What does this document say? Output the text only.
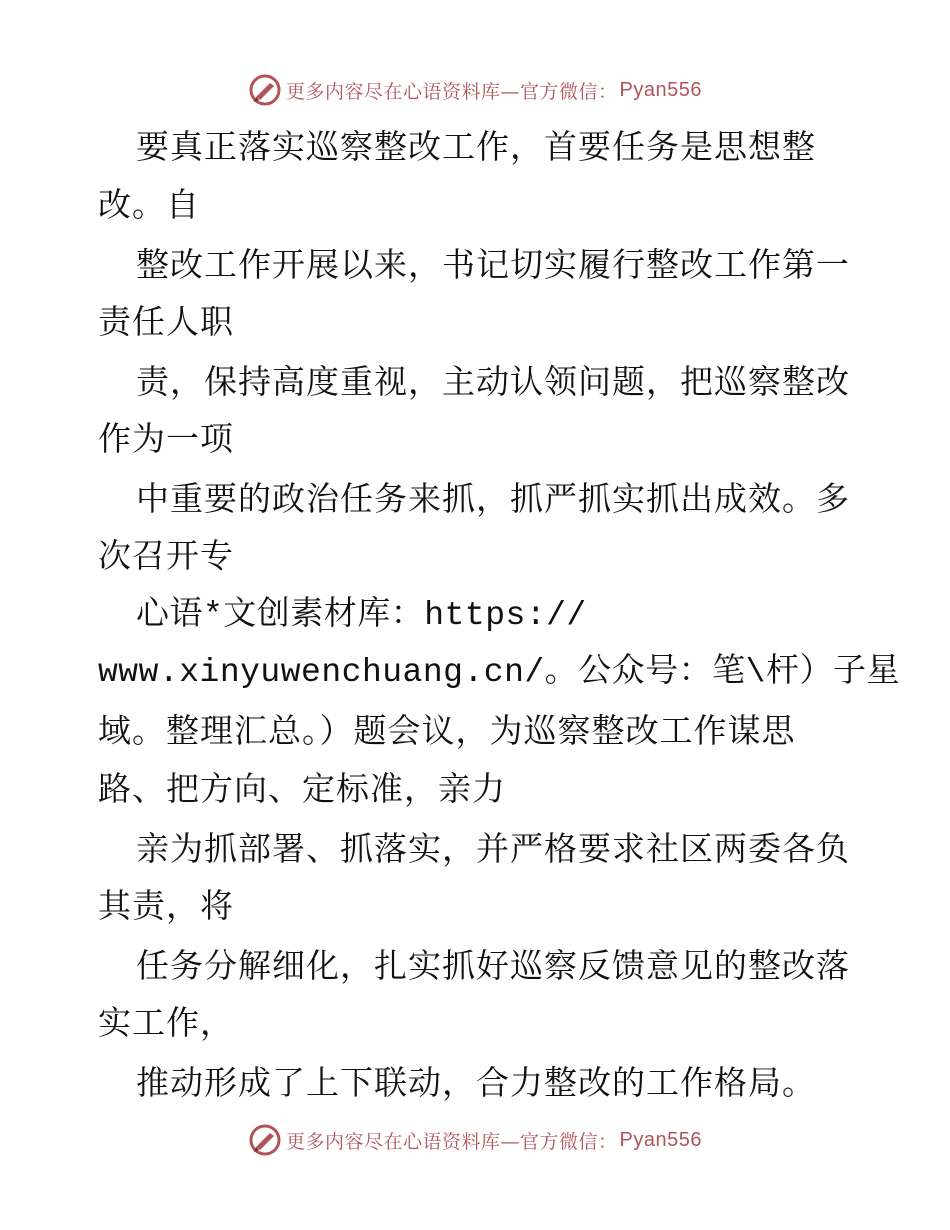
更多内容尽在心语资料库—官方微信： Pyan556
要真正落实巡察整改工作，首要任务是思想整
改。自
整改工作开展以来，书记切实履行整改工作第一
责任人职
责，保持高度重视，主动认领问题，把巡察整改
作为一项
中重要的政治任务来抓，抓严抓实抓出成效。多
次召开专
心语*文创素材库：https://
www.xinyuwenchuang.cn/。公众号：笔\杆）子星
域。整理汇总。）题会议，为巡察整改工作谋思
路、把方向、定标准，亲力
亲为抓部署、抓落实，并严格要求社区两委各负
其责，将
任务分解细化，扎实抓好巡察反馈意见的整改落
实工作，
推动形成了上下联动，合力整改的工作格局。
更多内容尽在心语资料库—官方微信： Pyan556
